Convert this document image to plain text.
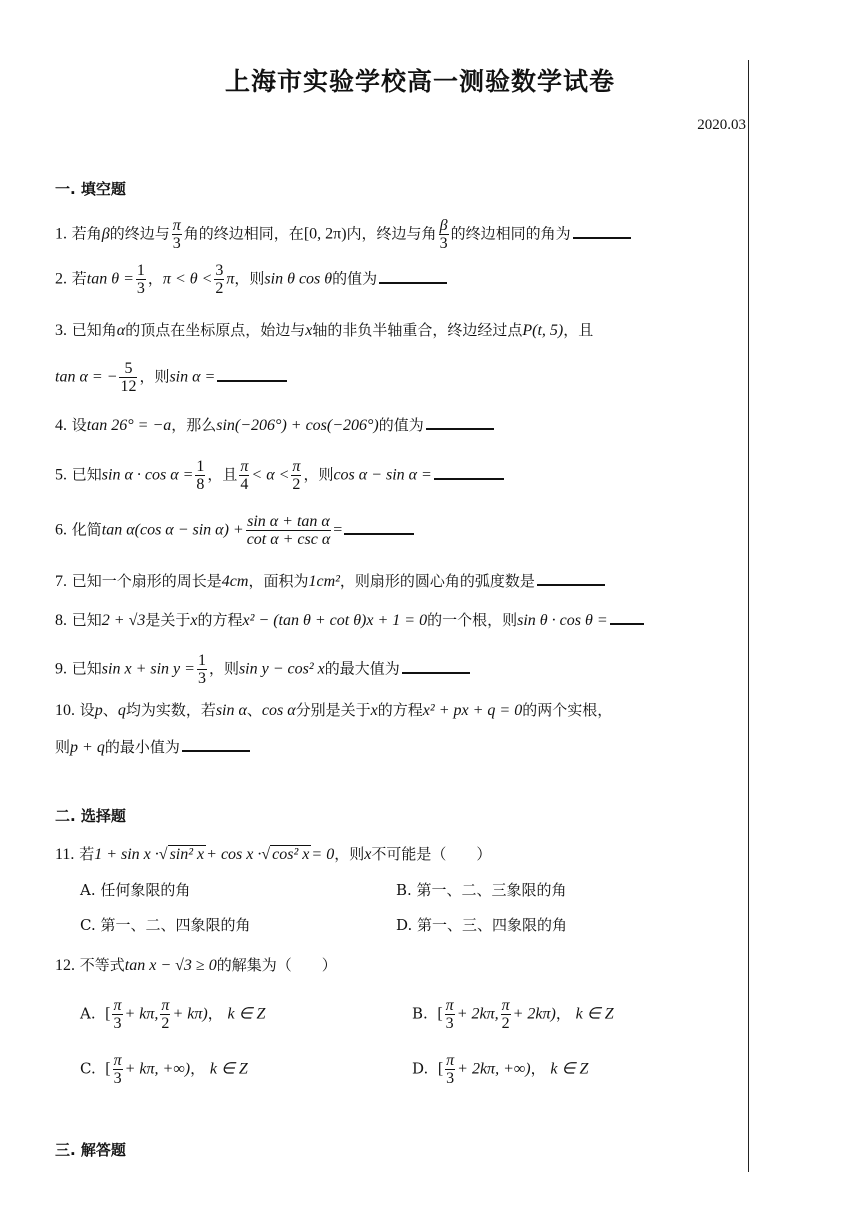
上海市实验学校高一测验数学试卷
2020.03
一. 填空题
1. 若角β的终边与 $\frac{\pi}{3}$ 角的终边相同，在[0, 2π)内，终边与角 $\frac{\beta}{3}$ 的终边相同的角为
2. 若$\tan \theta = \frac{1}{3}$ ，$\pi < \theta < \frac{3}{2}$ π，则sin θ cos θ的值为
3. 已知角α的顶点在坐标原点，始边与x轴的非负半轴重合，终边经过点P(t, 5)，且
tan α = − $\frac{5}{12}$ ，则sin α =
4. 设tan 26° = −a，那么sin(−206°) + cos(−206°)的值为
5. 已知$\sin \alpha \cdot \cos \alpha = \frac{1}{8}$ ，且 $\frac{\pi}{4} < \alpha < \frac{\pi}{2}$ ，则cos α − sin α =
6. 化简tan α(cos $\alpha - \sin \alpha) + \frac{\text{sin α + tan α}}{\text{cot α + csc α}}$ =
7. 已知一个扇形的周长是4cm，面积为1cm²，则扇形的圆心角的弧度数是
8. 已知2 + √3是关于x的方程x² − (tan θ + cot θ)x + 1 = 0的一个根，则sin θ · cos θ =
9. 已知$\sin x + \sin y = \frac{1}{3}$ ，则sin y − cos² x的最大值为
10. 设p、q均为实数，若sin α、cos α分别是关于x的方程x² + px + q = 0的两个实根，
则p + q的最小值为
二. 选择题
11. 若1 + sin x ·√ sin² x + cos x ·√ cos² x = 0，则x不可能是（　　）
A. 任何象限的角	B. 第一、二、三象限的角
C. 第一、二、四象限的角	D. 第一、三、四象限的角
12. 不等式tan x − √3 ≥ 0的解集为（　　）
A. [ $\frac{\pi}{3} + k\pi$, $\frac{\pi}{2} + k\pi$)， k ∈ Z	B. [ $\frac{\pi}{3} + 2k\pi$, $\frac{\pi}{2} + 2k\pi$)， k ∈ Z
C. [ $\frac{\pi}{3} + k\pi$, +∞)， k ∈ Z	D. [ $\frac{\pi}{3} + 2k\pi$, +∞)， k ∈ Z
三. 解答题
